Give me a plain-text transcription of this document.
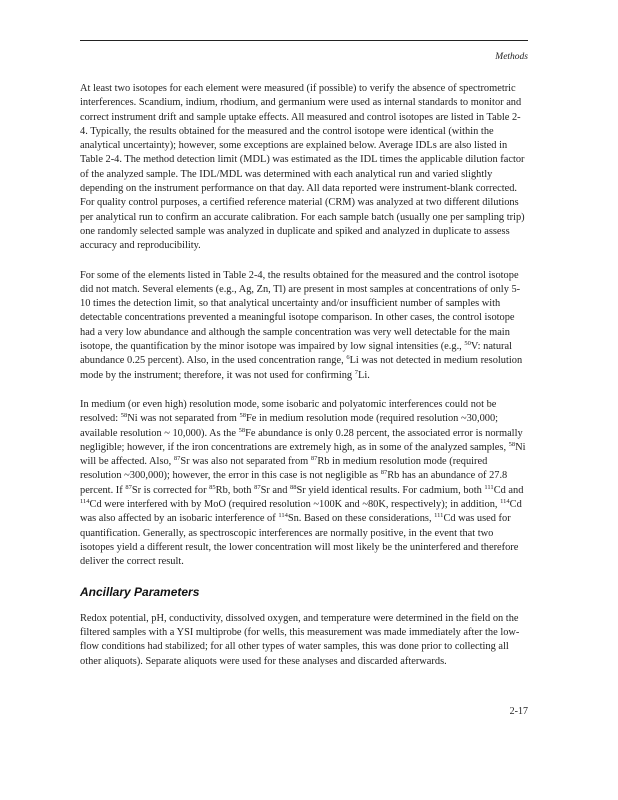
Methods

At least two isotopes for each element were measured (if possible) to verify the absence of spectrometric interferences. Scandium, indium, rhodium, and germanium were used as internal standards to monitor and correct instrument drift and sample uptake effects. All measured and control isotopes are listed in Table 2-4. Typically, the results obtained for the measured and the control isotope were identical (within the analytical uncertainty); however, some exceptions are explained below. Average IDLs are also listed in Table 2-4. The method detection limit (MDL) was estimated as the IDL times the applicable dilution factor of the analyzed sample. The IDL/MDL was determined with each analytical run and varied slightly depending on the instrument performance on that day. All data reported were instrument-blank corrected. For quality control purposes, a certified reference material (CRM) was analyzed at two different dilutions per analytical run to confirm an accurate calibration. For each sample batch (usually one per sampling trip) one randomly selected sample was analyzed in duplicate and spiked and analyzed in duplicate to assess accuracy and reproducibility.

For some of the elements listed in Table 2-4, the results obtained for the measured and the control isotope did not match. Several elements (e.g., Ag, Zn, Tl) are present in most samples at concentrations of only 5-10 times the detection limit, so that analytical uncertainty and/or insufficient number of samples with detectable concentrations prevented a meaningful isotope comparison. In other cases, the control isotope had a very low abundance and although the sample concentration was very well detectable for the main isotope, the quantification by the minor isotope was impaired by low signal intensities (e.g., $^{50}$V: natural abundance 0.25 percent). Also, in the used concentration range, $^6$Li was not detected in medium resolution mode by the instrument; therefore, it was not used for confirming $^7$Li.

In medium (or even high) resolution mode, some isobaric and polyatomic interferences could not be resolved: $^{58}$Ni was not separated from $^{58}$Fe in medium resolution mode (required resolution ~30,000; available resolution ~ 10,000). As the $^{58}$Fe abundance is only 0.28 percent, the associated error is normally negligible; however, if the iron concentrations are extremely high, as in some of the analyzed samples, $^{58}$Ni will be affected. Also, $^{87}$Sr was also not separated from $^{87}$Rb in medium resolution mode (required resolution ~300,000); however, the error in this case is not negligible as $^{87}$Rb has an abundance of 27.8 percent. If $^{87}$Sr is corrected for $^{85}$Rb, both $^{87}$Sr and $^{88}$Sr yield identical results. For cadmium, both $^{111}$Cd and $^{114}$Cd were interfered with by MoO (required resolution ~100K and ~80K, respectively); in addition, $^{114}$Cd was also affected by an isobaric interference of $^{114}$Sn. Based on these considerations, $^{111}$Cd was used for quantification. Generally, as spectroscopic interferences are normally positive, in the event that two isotopes yield a different result, the lower concentration will most likely be the uninterfered and therefore deliver the correct result.

Ancillary Parameters

Redox potential, pH, conductivity, dissolved oxygen, and temperature were determined in the field on the filtered samples with a YSI multiprobe (for wells, this measurement was made immediately after the low-flow conditions had stabilized; for all other types of water samples, this was done prior to collecting all other aliquots). Separate aliquots were used for these analyses and discarded afterwards.

2-17
